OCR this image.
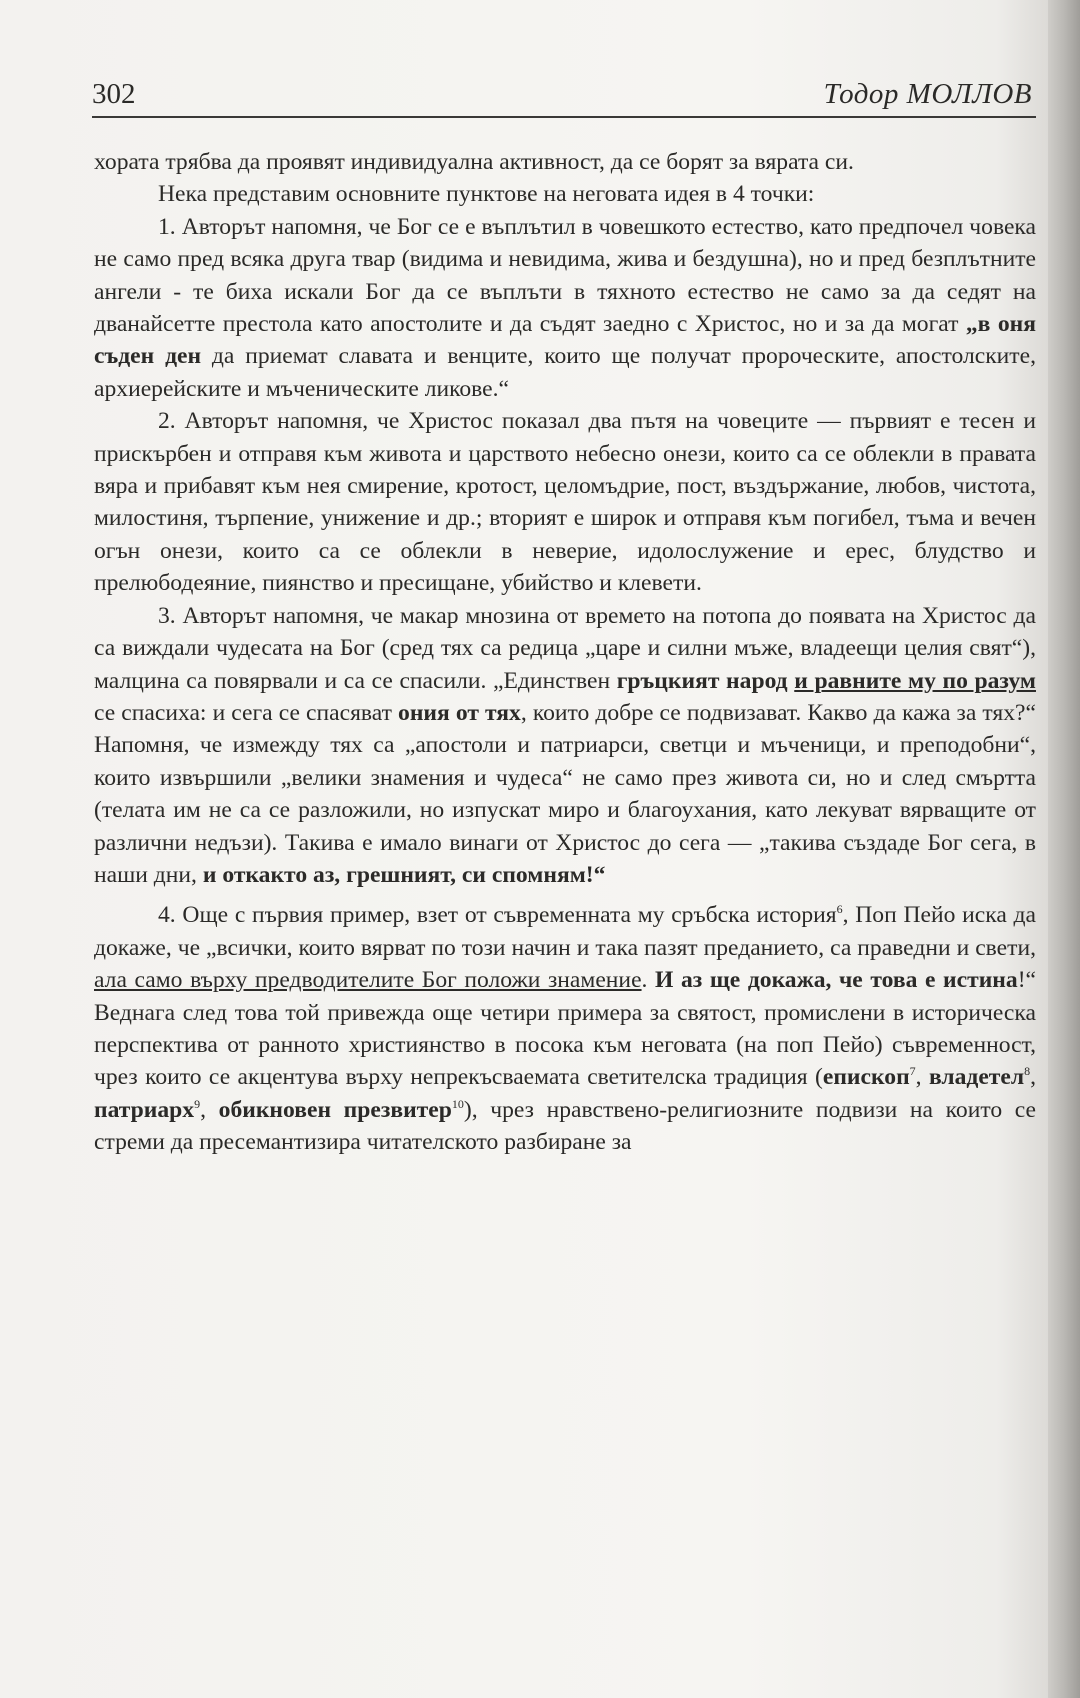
302	Тодор МОЛЛОВ

хората трябва да проявят индивидуална активност, да се борят за вярата си.

Нека представим основните пунктове на неговата идея в 4 точки:

1. Авторът напомня, че Бог се е въплътил в човешкото естество, като предпочел човека не само пред всяка друга твар (видима и невидима, жива и бездушна), но и пред безплътните ангели - те биха искали Бог да се въплъти в тяхното естество не само за да седят на дванайсетте престола като апостолите и да съдят заедно с Христос, но и за да могат „в оня съден ден да приемат славата и венците, които ще получат пророческите, апостолските, архиерейските и мъченическите ликове.“

2. Авторът напомня, че Христос показал два пътя на човеците — първият е тесен и прискърбен и отправя към живота и царството небесно онези, които са се облекли в правата вяра и прибавят към нея смирение, кротост, целомъдрие, пост, въздържание, любов, чистота, милостиня, търпение, унижение и др.; вторият е широк и отправя към погибел, тъма и вечен огън онези, които са се облекли в неверие, идолослужение и ерес, блудство и прелюбодеяние, пиянство и пресищане, убийство и клевети.

3. Авторът напомня, че макар мнозина от времето на потопа до появата на Христос да са виждали чудесата на Бог (сред тях са редица „царе и силни мъже, владеещи целия свят“), малцина са повярвали и са се спасили. „Единствен гръцкият народ и равните му по разум се спасиха: и сега се спасяват ония от тях, които добре се подвизават. Какво да кажа за тях?“ Напомня, че измежду тях са „апостоли и патриарси, светци и мъченици, и преподобни“, които извършили „велики знамения и чудеса“ не само през живота си, но и след смъртта (телата им не са се разложили, но изпускат миро и благоухания, като лекуват вярващите от различни недъзи). Такива е имало винаги от Христос до сега — „такива създаде Бог сега, в наши дни, и откакто аз, грешният, си спомням!“

4. Още с първия пример, взет от съвременната му сръбска история$^6$, Поп Пейо иска да докаже, че „всички, които вярват по този начин и така пазят преданието, са праведни и свети, ала само върху предводителите Бог положи знамение. И аз ще докажа, че това е истина!“ Веднага след това той привежда още четири примера за святост, промислени в историческа перспектива от ранното християнство в посока към неговата (на поп Пейо) съвременност, чрез които се акцентува върху непрекъсваемата светителска традиция (епископ$^7$, владетел$^8$, патриарх$^9$, обикновен презвитер$^{10}$), чрез нравствено-религиозните подвизи на които се стреми да пресемантизира читателското разбиране за
